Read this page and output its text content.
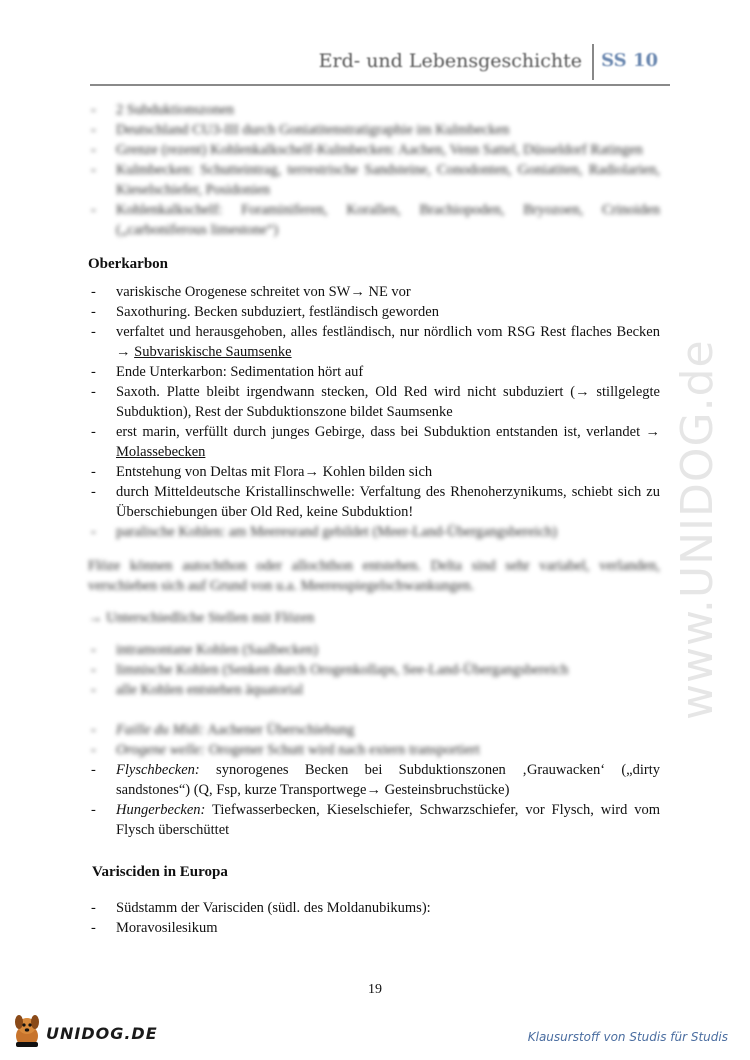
Erd- und Lebensgeschichte SS 10
www.UNIDOG.de
- 2 Subduktionszonen
- Deutschland CU3-III durch Goniatitenstratigraphie im Kulmbecken
- Grenze (rezent) Kohlenkalkschelf-Kulmbecken: Aachen, Venn Sattel, Düsseldorf Ratingen
- Kulmbecken: Schutteintrag, terrestrische Sandsteine, Conodonten, Goniatiten, Radiolarien, Kieselschiefer, Posidonien
- Kohlenkalkschelf: Foraminiferen, Korallen, Brachiopoden, Bryozoen, Crinoiden („carboniferous limestone“)
Oberkarbon
- variskische Orogenese schreitet von SW→ NE vor
- Saxothuring. Becken subduziert, festländisch geworden
- verfaltet und herausgehoben, alles festländisch, nur nördlich vom RSG Rest flaches Becken → Subvariskische Saumsenke
- Ende Unterkarbon: Sedimentation hört auf
- Saxoth. Platte bleibt irgendwann stecken, Old Red wird nicht subduziert (→ stillgelegte Subduktion), Rest der Subduktionszone bildet Saumsenke
- erst marin, verfüllt durch junges Gebirge, dass bei Subduktion entstanden ist, verlandet → Molassebecken
- Entstehung von Deltas mit Flora→ Kohlen bilden sich
- durch Mitteldeutsche Kristallinschwelle: Verfaltung des Rhenoherzynikums, schiebt sich zu Überschiebungen über Old Red, keine Subduktion!
- paralische Kohlen: am Meeresrand gebildet (Meer-Land-Übergangsbereich)

Flöze können autochthon oder allochthon entstehen. Delta sind sehr variabel, verlanden, verschieben sich auf Grund von u.a. Meeresspiegelschwankungen.

→ Unterschiedliche Stellen mit Flözen

- intramontane Kohlen (Saalbecken)
- limnische Kohlen (Senken durch Orogenkollaps, See-Land-Übergangsbereich
- alle Kohlen entstehen äquatorial
- Faille du Midi: Aachener Überschiebung
- Orogene welle: Orogener Schutt wird nach extern transportiert
- Flyschbecken: synorogenes Becken bei Subduktionszonen ‚Grauwacken‘ („dirty sandstones“) (Q, Fsp, kurze Transportwege→ Gesteinsbruchstücke)
- Hungerbecken: Tiefwasserbecken, Kieselschiefer, Schwarzschiefer, vor Flysch, wird vom Flysch überschüttet
Varisciden in Europa
- Südstamm der Varisciden (südl. des Moldanubikums):
- Moravosilesikum
19
UNIDOG.DE	Klausurstoff von Studis für Studis
